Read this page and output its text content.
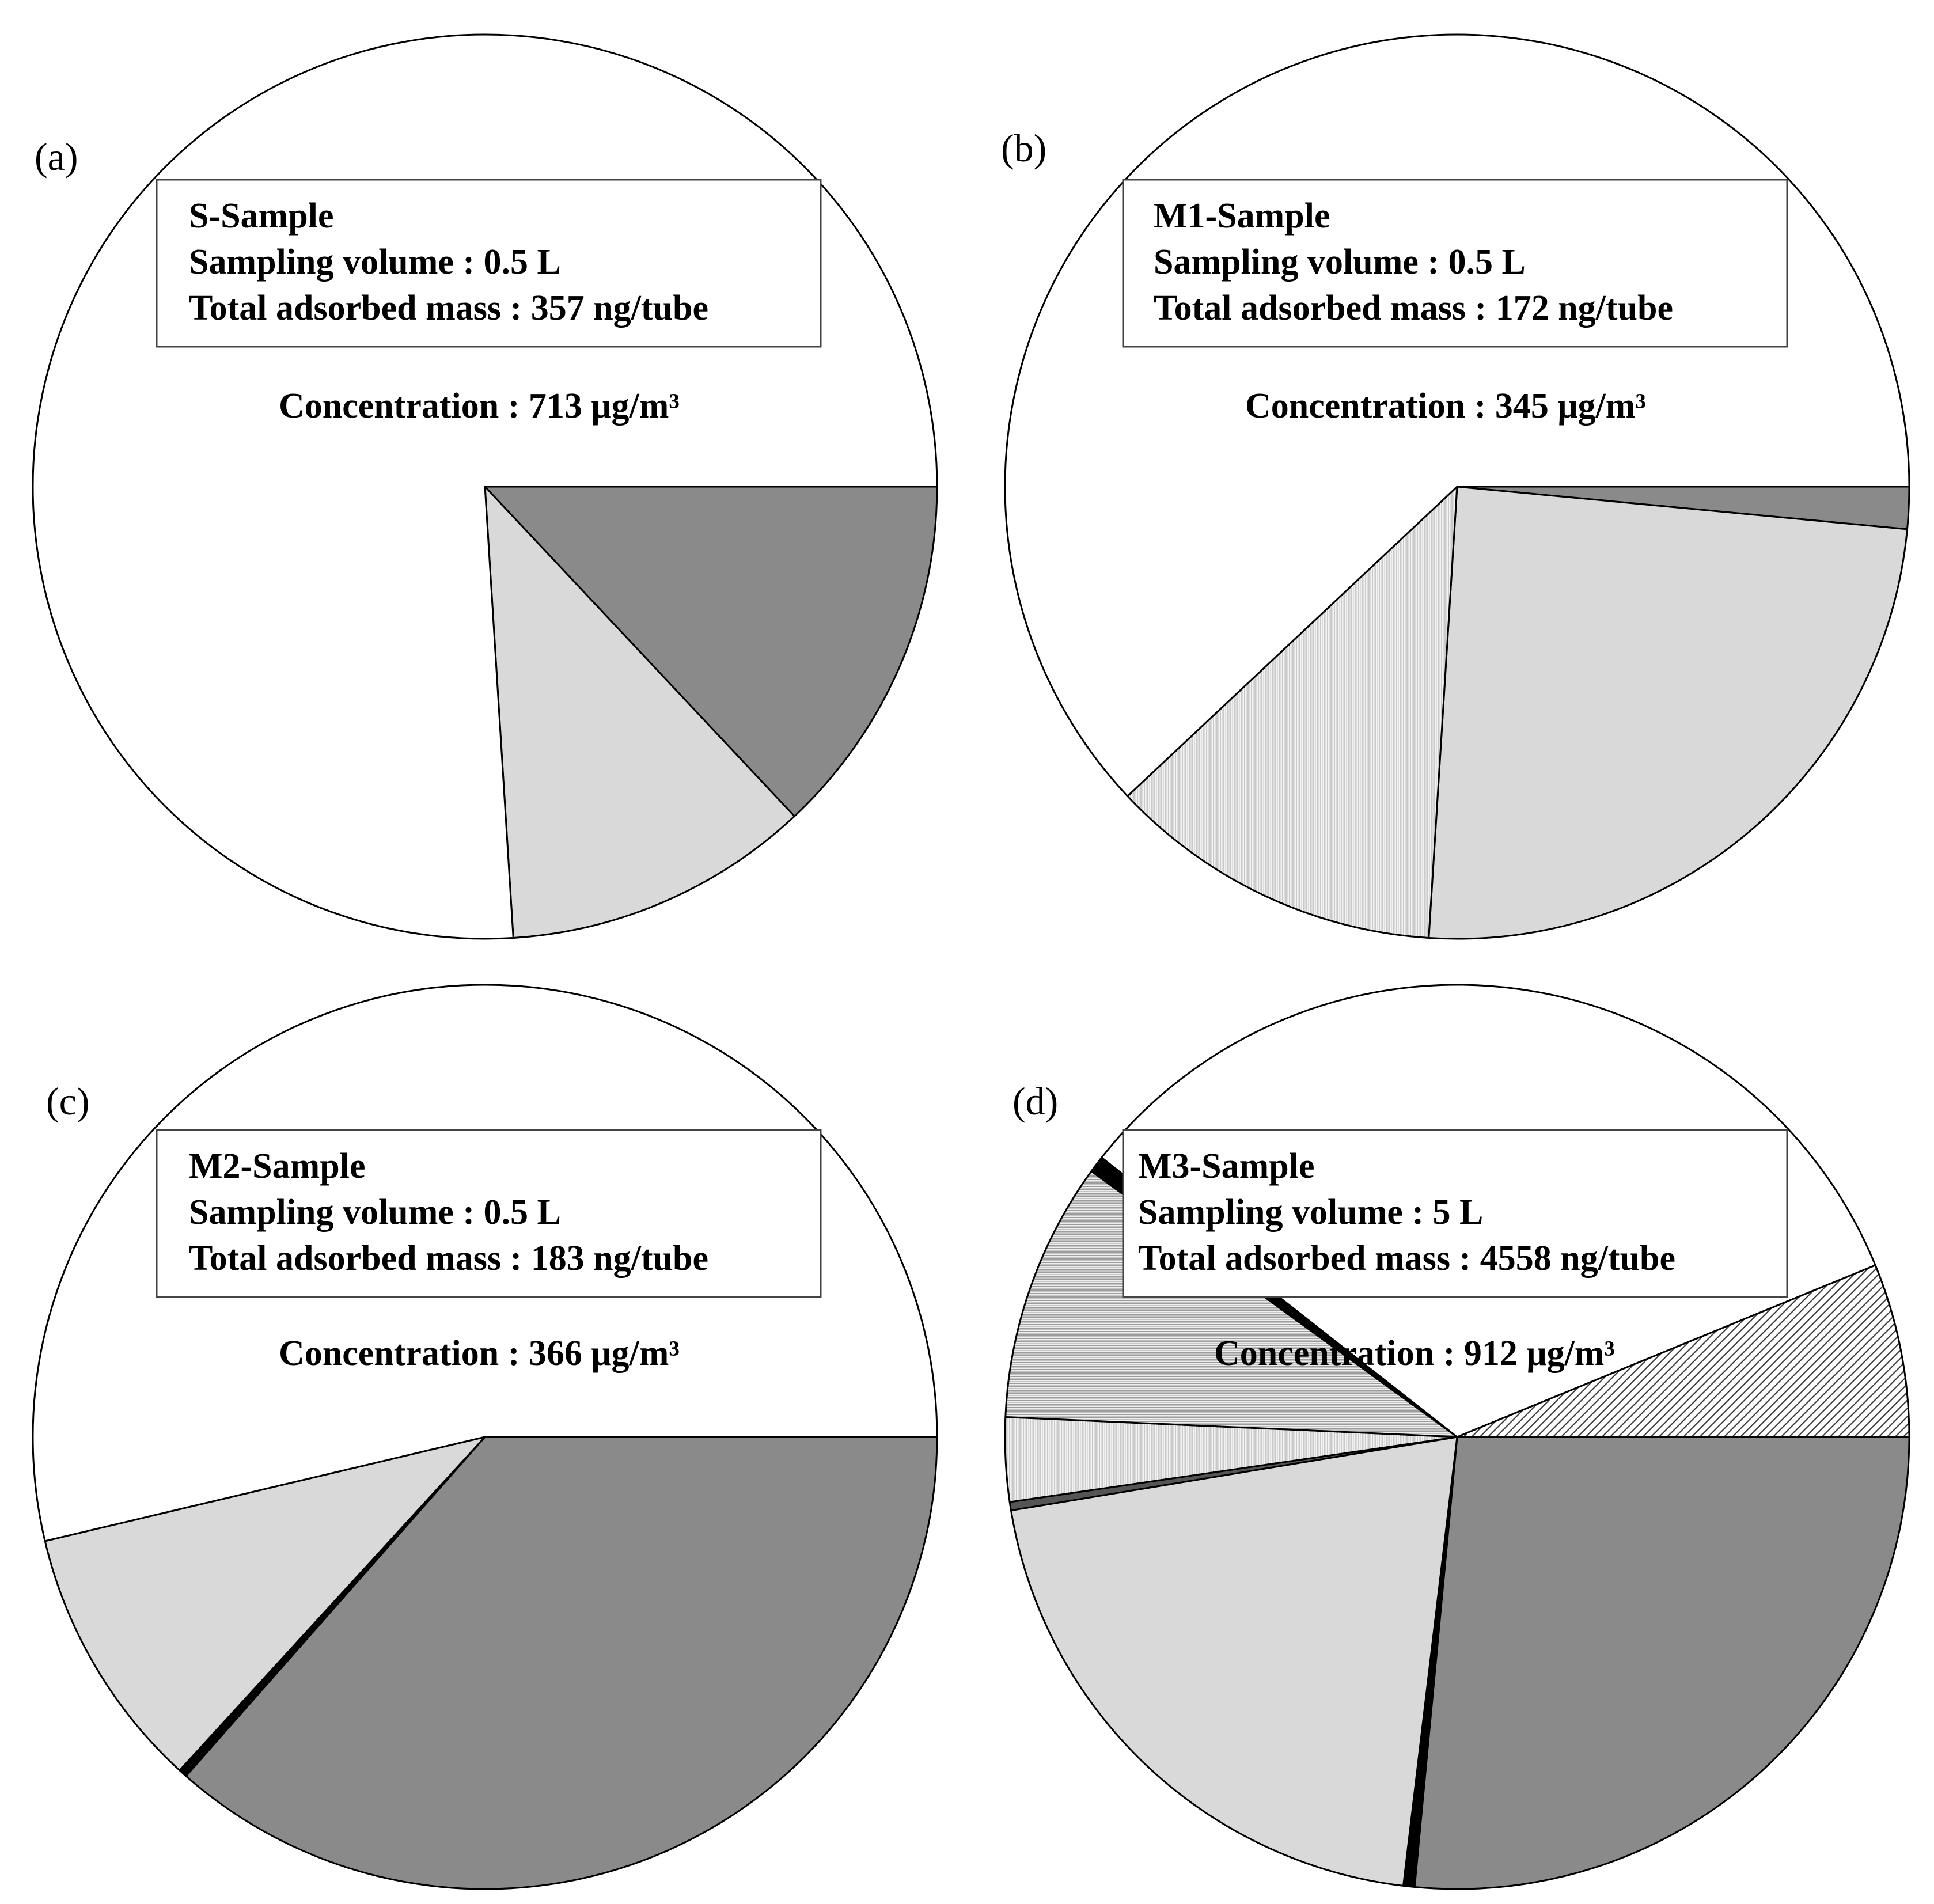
(a)
S-Sample
Sampling volume : 0.5 L
Total adsorbed mass : 357 ng/tube
Concentration : 713 μg/m³
(b)
M1-Sample
Sampling volume : 0.5 L
Total adsorbed mass : 172 ng/tube
Concentration : 345 μg/m³
(c)
M2-Sample
Sampling volume : 0.5 L
Total adsorbed mass : 183 ng/tube
Concentration : 366 μg/m³
(d)
M3-Sample
Sampling volume : 5 L
Total adsorbed mass : 4558 ng/tube
Concentration : 912 μg/m³
